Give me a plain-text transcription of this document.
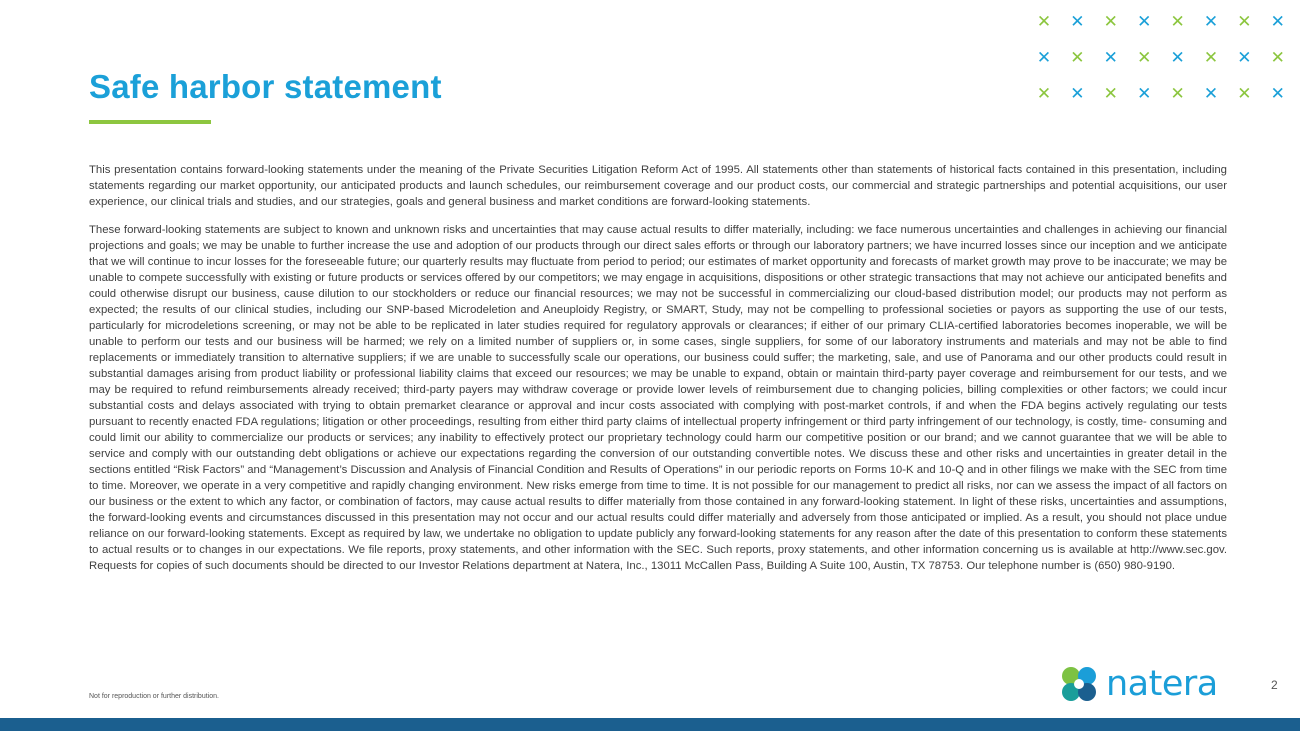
✕ ✕ ✕ ✕ ✕ ✕ ✕ ✕
✕ ✕ ✕ ✕ ✕ ✕ ✕ ✕
✕ ✕ ✕ ✕ ✕ ✕ ✕ ✕
Safe harbor statement

This presentation contains forward-looking statements under the meaning of the Private Securities Litigation Reform Act of 1995. All statements other than statements of historical facts contained in this presentation, including statements regarding our market opportunity, our anticipated products and launch schedules, our reimbursement coverage and our product costs, our commercial and strategic partnerships and potential acquisitions, our user experience, our clinical trials and studies, and our strategies, goals and general business and market conditions are forward-looking statements.

These forward-looking statements are subject to known and unknown risks and uncertainties that may cause actual results to differ materially, including: we face numerous uncertainties and challenges in achieving our financial projections and goals; we may be unable to further increase the use and adoption of our products through our direct sales efforts or through our laboratory partners; we have incurred losses since our inception and we anticipate that we will continue to incur losses for the foreseeable future; our quarterly results may fluctuate from period to period; our estimates of market opportunity and forecasts of market growth may prove to be inaccurate; we may be unable to compete successfully with existing or future products or services offered by our competitors; we may engage in acquisitions, dispositions or other strategic transactions that may not achieve our anticipated benefits and could otherwise disrupt our business, cause dilution to our stockholders or reduce our financial resources; we may not be successful in commercializing our cloud-based distribution model; our products may not perform as expected; the results of our clinical studies, including our SNP-based Microdeletion and Aneuploidy Registry, or SMART, Study, may not be compelling to professional societies or payors as supporting the use of our tests, particularly for microdeletions screening, or may not be able to be replicated in later studies required for regulatory approvals or clearances; if either of our primary CLIA-certified laboratories becomes inoperable, we will be unable to perform our tests and our business will be harmed; we rely on a limited number of suppliers or, in some cases, single suppliers, for some of our laboratory instruments and materials and may not be able to find replacements or immediately transition to alternative suppliers; if we are unable to successfully scale our operations, our business could suffer; the marketing, sale, and use of Panorama and our other products could result in substantial damages arising from product liability or professional liability claims that exceed our resources; we may be unable to expand, obtain or maintain third-party payer coverage and reimbursement for our tests, and we may be required to refund reimbursements already received; third-party payers may withdraw coverage or provide lower levels of reimbursement due to changing policies, billing complexities or other factors; we could incur substantial costs and delays associated with trying to obtain premarket clearance or approval and incur costs associated with complying with post-market controls, if and when the FDA begins actively regulating our tests pursuant to recently enacted FDA regulations; litigation or other proceedings, resulting from either third party claims of intellectual property infringement or third party infringement of our technology, is costly, time- consuming and could limit our ability to commercialize our products or services; any inability to effectively protect our proprietary technology could harm our competitive position or our brand; and we cannot guarantee that we will be able to service and comply with our outstanding debt obligations or achieve our expectations regarding the conversion of our outstanding convertible notes. We discuss these and other risks and uncertainties in greater detail in the sections entitled “Risk Factors” and “Management’s Discussion and Analysis of Financial Condition and Results of Operations” in our periodic reports on Forms 10-K and 10-Q and in other filings we make with the SEC from time to time. Moreover, we operate in a very competitive and rapidly changing environment. New risks emerge from time to time. It is not possible for our management to predict all risks, nor can we assess the impact of all factors on our business or the extent to which any factor, or combination of factors, may cause actual results to differ materially from those contained in any forward-looking statement. In light of these risks, uncertainties and assumptions, the forward-looking events and circumstances discussed in this presentation may not occur and our actual results could differ materially and adversely from those anticipated or implied. As a result, you should not place undue reliance on our forward-looking statements. Except as required by law, we undertake no obligation to update publicly any forward-looking statements for any reason after the date of this presentation to conform these statements to actual results or to changes in our expectations. We file reports, proxy statements, and other information with the SEC. Such reports, proxy statements, and other information concerning us is available at http://www.sec.gov. Requests for copies of such documents should be directed to our Investor Relations department at Natera, Inc., 13011 McCallen Pass, Building A Suite 100, Austin, TX 78753. Our telephone number is (650) 980-9190.

Not for reproduction or further distribution.	natera	2
